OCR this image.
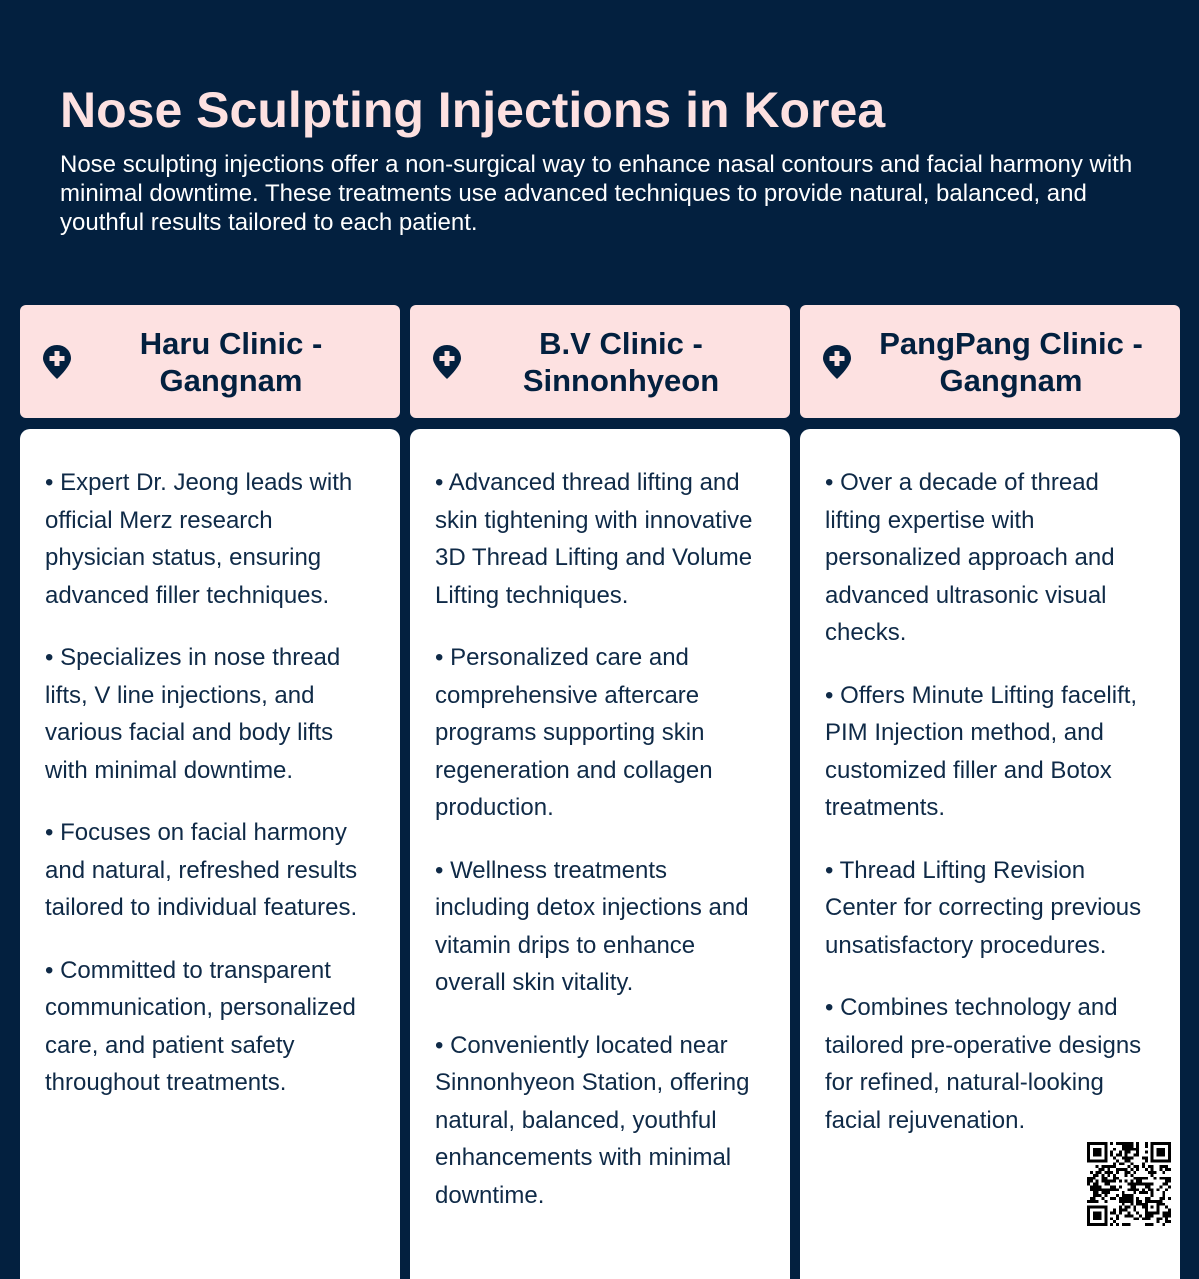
Nose Sculpting Injections in Korea

Nose sculpting injections offer a non-surgical way to enhance nasal contours and facial harmony with minimal downtime. These treatments use advanced techniques to provide natural, balanced, and youthful results tailored to each patient.

Haru Clinic - Gangnam

• Expert Dr. Jeong leads with official Merz research physician status, ensuring advanced filler techniques.

• Specializes in nose thread lifts, V line injections, and various facial and body lifts with minimal downtime.

• Focuses on facial harmony and natural, refreshed results tailored to individual features.

• Committed to transparent communication, personalized care, and patient safety throughout treatments.

B.V Clinic - Sinnonhyeon

• Advanced thread lifting and skin tightening with innovative 3D Thread Lifting and Volume Lifting techniques.

• Personalized care and comprehensive aftercare programs supporting skin regeneration and collagen production.

• Wellness treatments including detox injections and vitamin drips to enhance overall skin vitality.

• Conveniently located near Sinnonhyeon Station, offering natural, balanced, youthful enhancements with minimal downtime.

PangPang Clinic - Gangnam

• Over a decade of thread lifting expertise with personalized approach and advanced ultrasonic visual checks.

• Offers Minute Lifting facelift, PIM Injection method, and customized filler and Botox treatments.

• Thread Lifting Revision Center for correcting previous unsatisfactory procedures.

• Combines technology and tailored pre-operative designs for refined, natural-looking facial rejuvenation.
